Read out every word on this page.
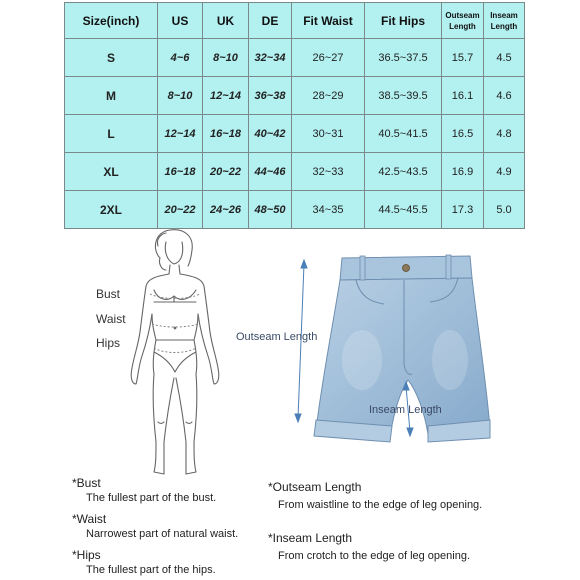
Size(inch)	US	UK	DE	Fit Waist	Fit Hips	Outseam Length	Inseam Length
S	4~6	8~10	32~34	26~27	36.5~37.5	15.7	4.5
M	8~10	12~14	36~38	28~29	38.5~39.5	16.1	4.6
L	12~14	16~18	40~42	30~31	40.5~41.5	16.5	4.8
XL	16~18	20~22	44~46	32~33	42.5~43.5	16.9	4.9
2XL	20~22	24~26	48~50	34~35	44.5~45.5	17.3	5.0
Bust
Waist
Hips	Outseam Length
Inseam Length
*Bust
The fullest part of the bust.
*Waist
Narrowest part of natural waist.
*Hips
The fullest part of the hips.
*Outseam Length
From waistline to the edge of leg opening.
*Inseam Length
From crotch to the edge of leg opening.
